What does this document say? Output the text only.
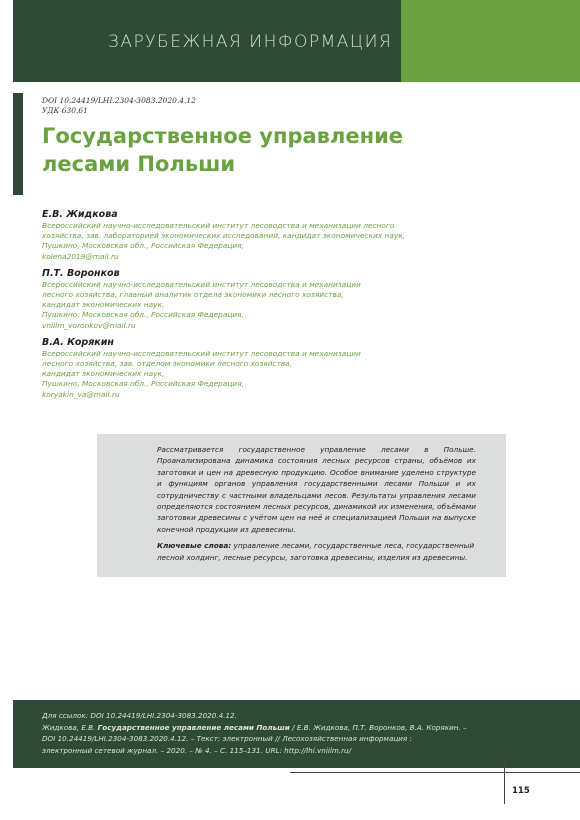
ЗАРУБЕЖНАЯ ИНФОРМАЦИЯ
DOI 10.24419/LHI.2304-3083.2020.4.12
УДК 630.61
Государственное управление
лесами Польши
Е.В. Жидкова
Всероссийский научно-исследовательский институт лесоводства и механизации лесного
хозяйства, зав. лабораторией экономических исследований, кандидат экономических наук,
Пушкино, Московская обл., Российская Федерация,
kolena2019@mail.ru
П.Т. Воронков
Всероссийский научно-исследовательский институт лесоводства и механизации
лесного хозяйства, главный аналитик отдела экономики лесного хозяйства,
кандидат экономических наук,
Пушкино, Московская обл., Российская Федерация,
vniilm_voronkov@mail.ru
В.А. Корякин
Всероссийский научно-исследовательский институт лесоводства и механизации
лесного хозяйства, зав. отделом экономики лесного хозяйства,
кандидат экономических наук,
Пушкино, Московская обл., Российская Федерация,
koryakin_va@mail.ru

Рассматривается государственное управление лесами в Польше. Проанализирована динамика состояния лесных ресурсов страны, объёмов их заготовки и цен на древесную продукцию. Особое внимание уделено структуре и функциям органов управления государственными лесами Польши и их сотрудничеству с частными владельцами лесов. Результаты управления лесами определяются состоянием лесных ресурсов, динамикой их изменения, объёмами заготовки древесины с учётом цен на неё и специализацией Польши на выпуске конечной продукции из древесины.

Ключевые слова: управление лесами, государственные леса, государственный лесной холдинг, лесные ресурсы, заготовка древесины, изделия из древесины.

Для ссылок: DOI 10.24419/LHI.2304-3083.2020.4.12.
Жидкова, Е.В. Государственное управление лесами Польши / Е.В. Жидкова, П.Т. Воронков, В.А. Корякин. –
DOI 10.24419/LHI.2304-3083.2020.4.12. – Текст: электронный // Лесохозяйственная информация :
электронный сетевой журнал. – 2020. – № 4. – С. 115–131. URL: http://lhi.vniilm.ru/
115
